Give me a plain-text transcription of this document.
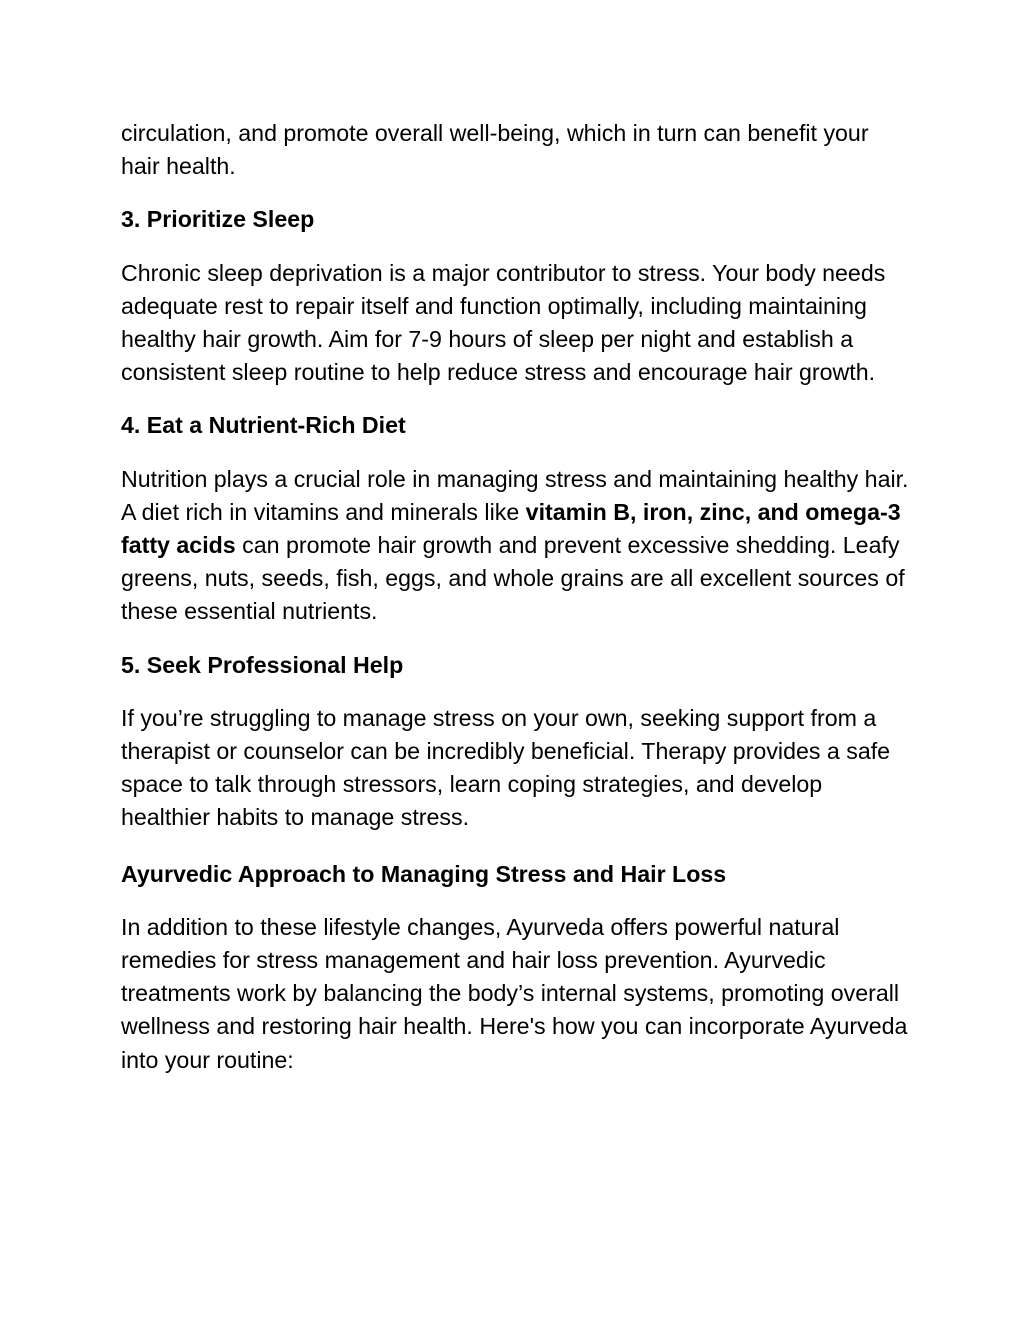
circulation, and promote overall well-being, which in turn can benefit your hair health.

3. Prioritize Sleep

Chronic sleep deprivation is a major contributor to stress. Your body needs adequate rest to repair itself and function optimally, including maintaining healthy hair growth. Aim for 7-9 hours of sleep per night and establish a consistent sleep routine to help reduce stress and encourage hair growth.

4. Eat a Nutrient-Rich Diet

Nutrition plays a crucial role in managing stress and maintaining healthy hair. A diet rich in vitamins and minerals like vitamin B, iron, zinc, and omega-3 fatty acids can promote hair growth and prevent excessive shedding. Leafy greens, nuts, seeds, fish, eggs, and whole grains are all excellent sources of these essential nutrients.

5. Seek Professional Help

If you’re struggling to manage stress on your own, seeking support from a therapist or counselor can be incredibly beneficial. Therapy provides a safe space to talk through stressors, learn coping strategies, and develop healthier habits to manage stress.

Ayurvedic Approach to Managing Stress and Hair Loss

In addition to these lifestyle changes, Ayurveda offers powerful natural remedies for stress management and hair loss prevention. Ayurvedic treatments work by balancing the body’s internal systems, promoting overall wellness and restoring hair health. Here's how you can incorporate Ayurveda into your routine:
